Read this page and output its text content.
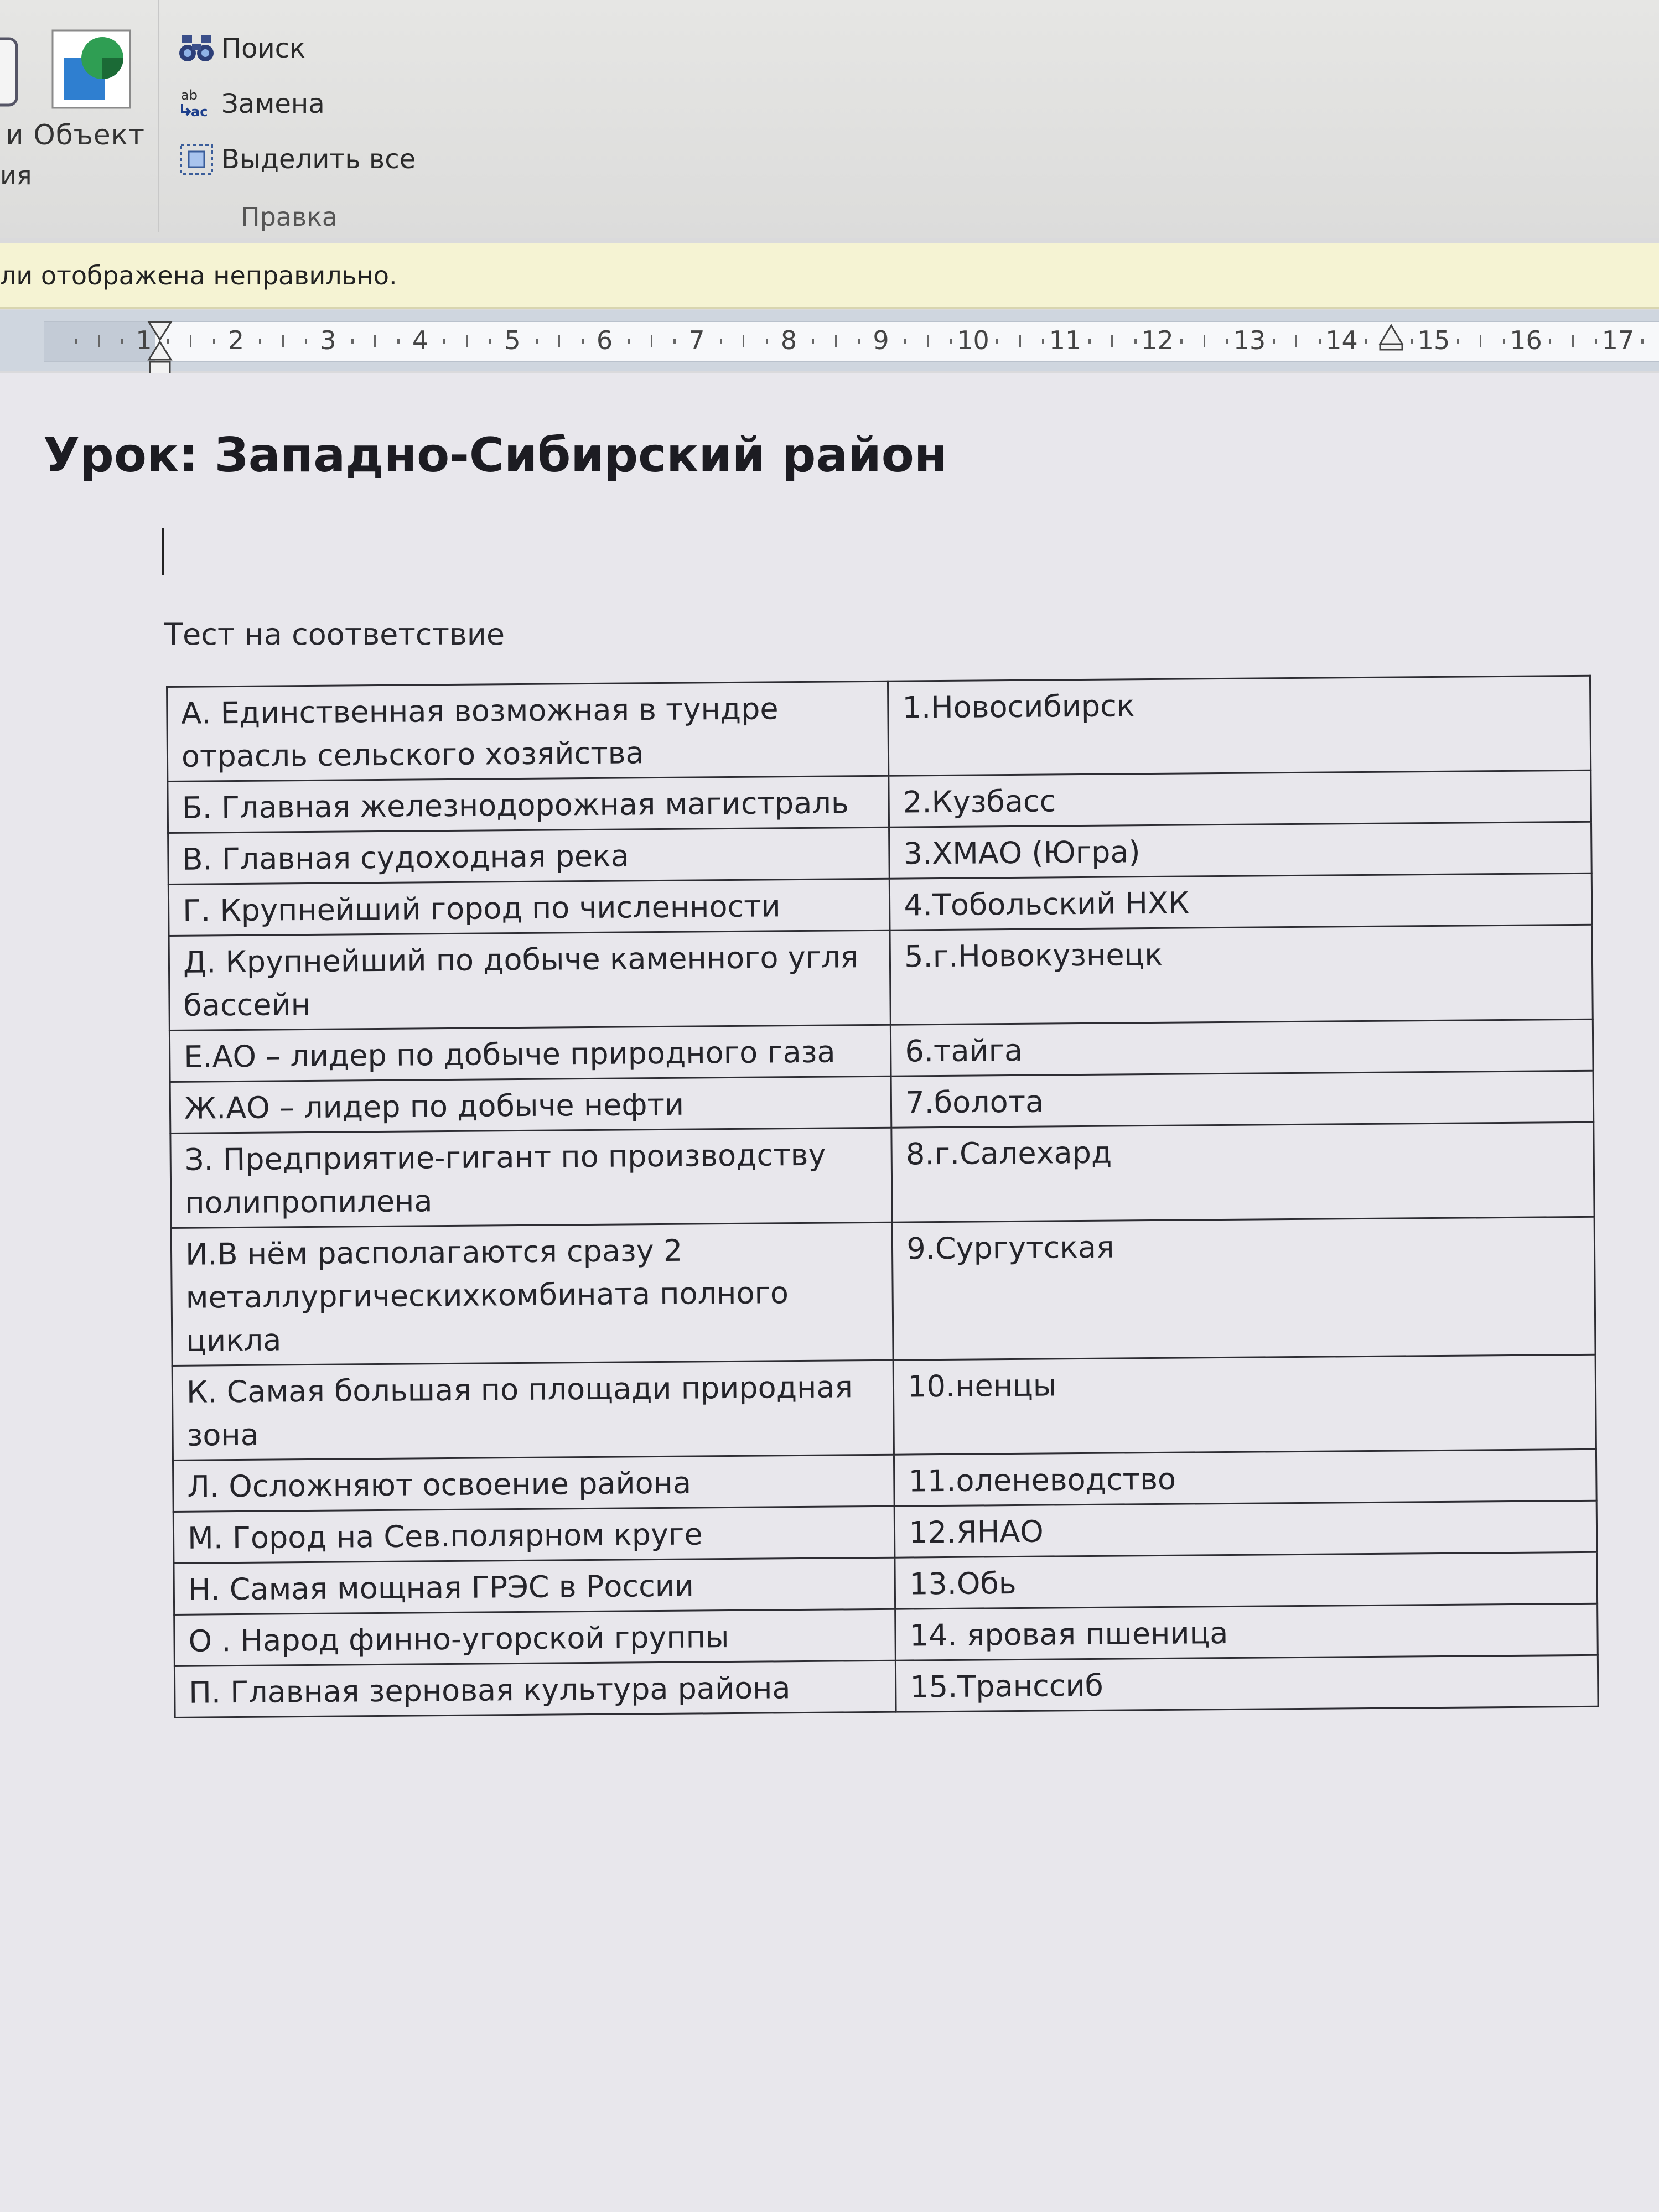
ия
и Объект
Поиск
ab
ac Замена
Выделить все
Правка
ли отображена неправильно.
1	2	3	4	5	6	7	8	9	10 11 12 13 14 15 16 17
Урок: Западно-Сибирский район
Тест на соответствие
А. Единственная возможная в тундре отрасль сельского хозяйства	1.Новосибирск
Б. Главная железнодорожная магистраль	2.Кузбасс
В. Главная судоходная река	3.ХМАО (Югра)
Г. Крупнейший город по численности	4.Тобольский НХК
Д. Крупнейший по добыче каменного угля бассейн	5.г.Новокузнецк
Е.АО – лидер по добыче природного газа	6.тайга
Ж.АО – лидер по добыче нефти	7.болота
З. Предприятие-гигант по производству полипропилена	8.г.Салехард
И.В нём располагаются сразу 2 металлургическихкомбината полного цикла	9.Сургутская
К. Самая большая по площади природная зона	10.ненцы
Л. Осложняют освоение района	11.оленеводство
М. Город на Сев.полярном круге	12.ЯНАО
Н. Самая мощная ГРЭС в России	13.Обь
О . Народ финно-угорской группы	14. яровая пшеница
П. Главная зерновая культура района	15.Транссиб
